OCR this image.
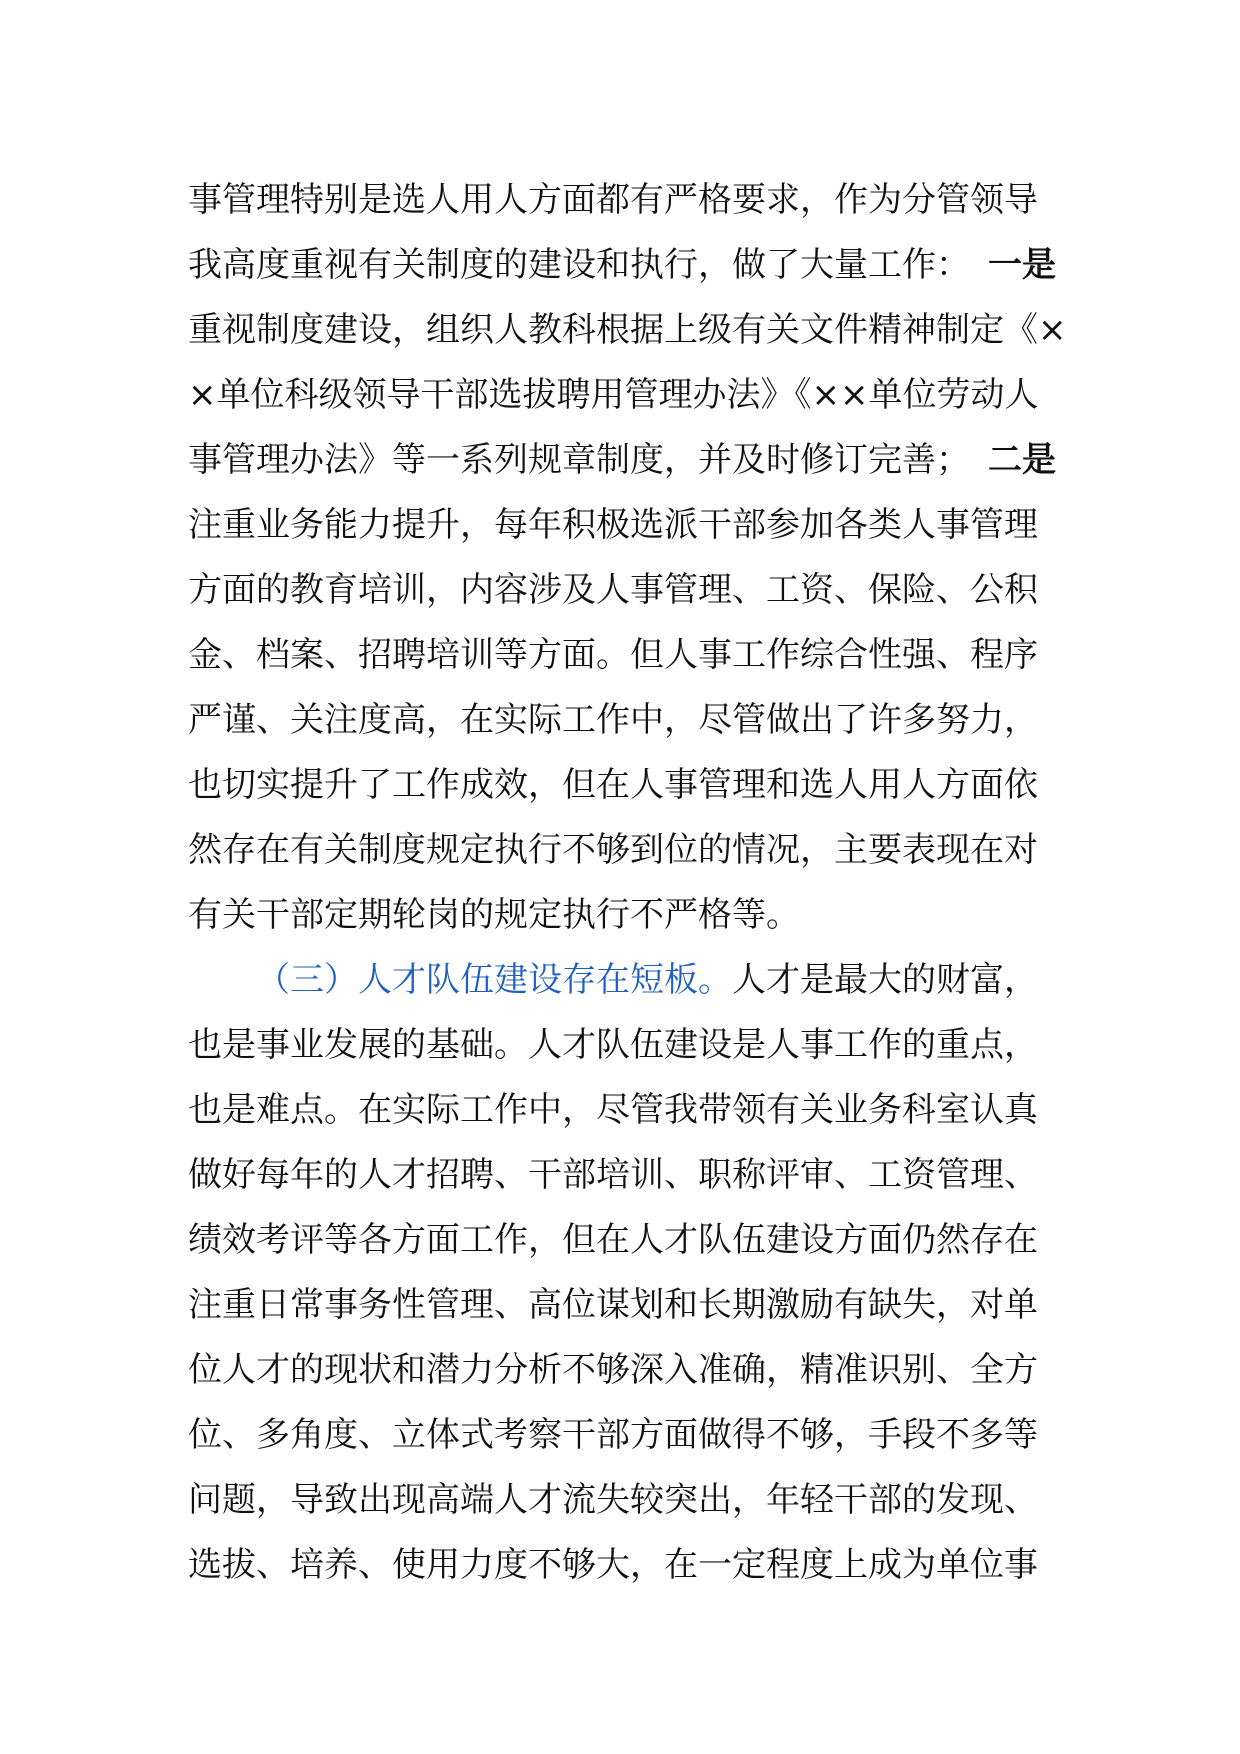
事管理特别是选人用人方面都有严格要求，作为分管领导
我高度重视有关制度的建设和执行，做了大量工作： 一是
重视制度建设，组织人教科根据上级有关文件精神制定《×
×单位科级领导干部选拔聘用管理办法》《××单位劳动人
事管理办法》等一系列规章制度，并及时修订完善； 二是
注重业务能力提升，每年积极选派干部参加各类人事管理
方面的教育培训，内容涉及人事管理、工资、保险、公积
金、档案、招聘培训等方面。但人事工作综合性强、程序
严谨、关注度高，在实际工作中，尽管做出了许多努力，
也切实提升了工作成效，但在人事管理和选人用人方面依
然存在有关制度规定执行不够到位的情况，主要表现在对
有关干部定期轮岗的规定执行不严格等。
（三）人才队伍建设存在短板。人才是最大的财富，
也是事业发展的基础。人才队伍建设是人事工作的重点，
也是难点。在实际工作中，尽管我带领有关业务科室认真
做好每年的人才招聘、干部培训、职称评审、工资管理、
绩效考评等各方面工作，但在人才队伍建设方面仍然存在
注重日常事务性管理、高位谋划和长期激励有缺失，对单
位人才的现状和潜力分析不够深入准确，精准识别、全方
位、多角度、立体式考察干部方面做得不够，手段不多等
问题，导致出现高端人才流失较突出，年轻干部的发现、
选拔、培养、使用力度不够大，在一定程度上成为单位事
